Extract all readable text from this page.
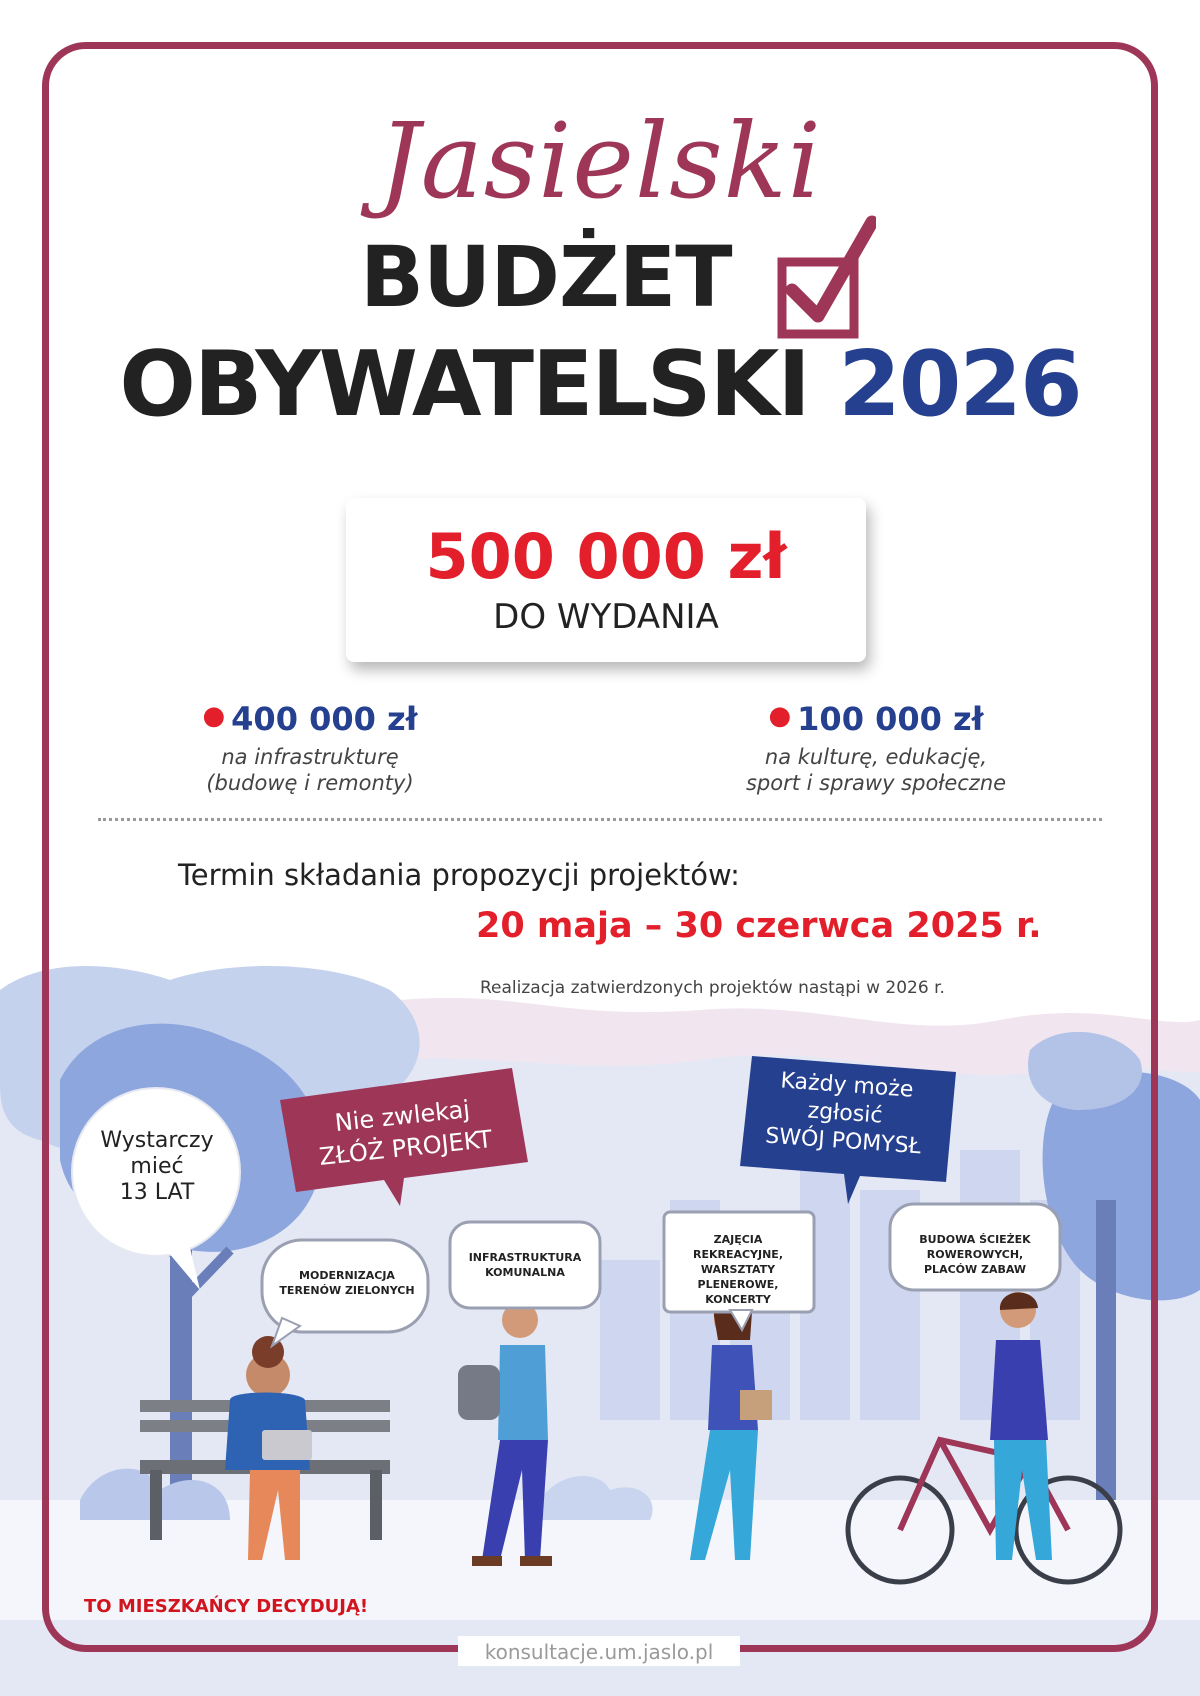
konsultacje.um.jaslo.pl
Jasielski
BUDŻET
OBYWATELSKI 2026
500 000 zł
DO WYDANIA
● 400 000 zł
na infrastrukturę
(budowę i remonty)
● 100 000 zł
na kulturę, edukację,
sport i sprawy społeczne
Termin składania propozycji projektów:
20 maja – 30 czerwca 2025 r.
Realizacja zatwierdzonych projektów nastąpi w 2026 r.
Wystarczy
mieć
13 LAT
Nie zwlekaj
ZŁÓŻ PROJEKT
Każdy może
zgłosić
SWÓJ POMYSŁ
MODERNIZACJA
TERENÓW ZIELONYCH
INFRASTRUKTURA
KOMUNALNA
ZAJĘCIA REKREACYJNE,
WARSZTATY
PLENEROWE,
KONCERTY
BUDOWA ŚCIEŻEK
ROWEROWYCH,
PLACÓW ZABAW
TO MIESZKAŃCY DECYDUJĄ!
